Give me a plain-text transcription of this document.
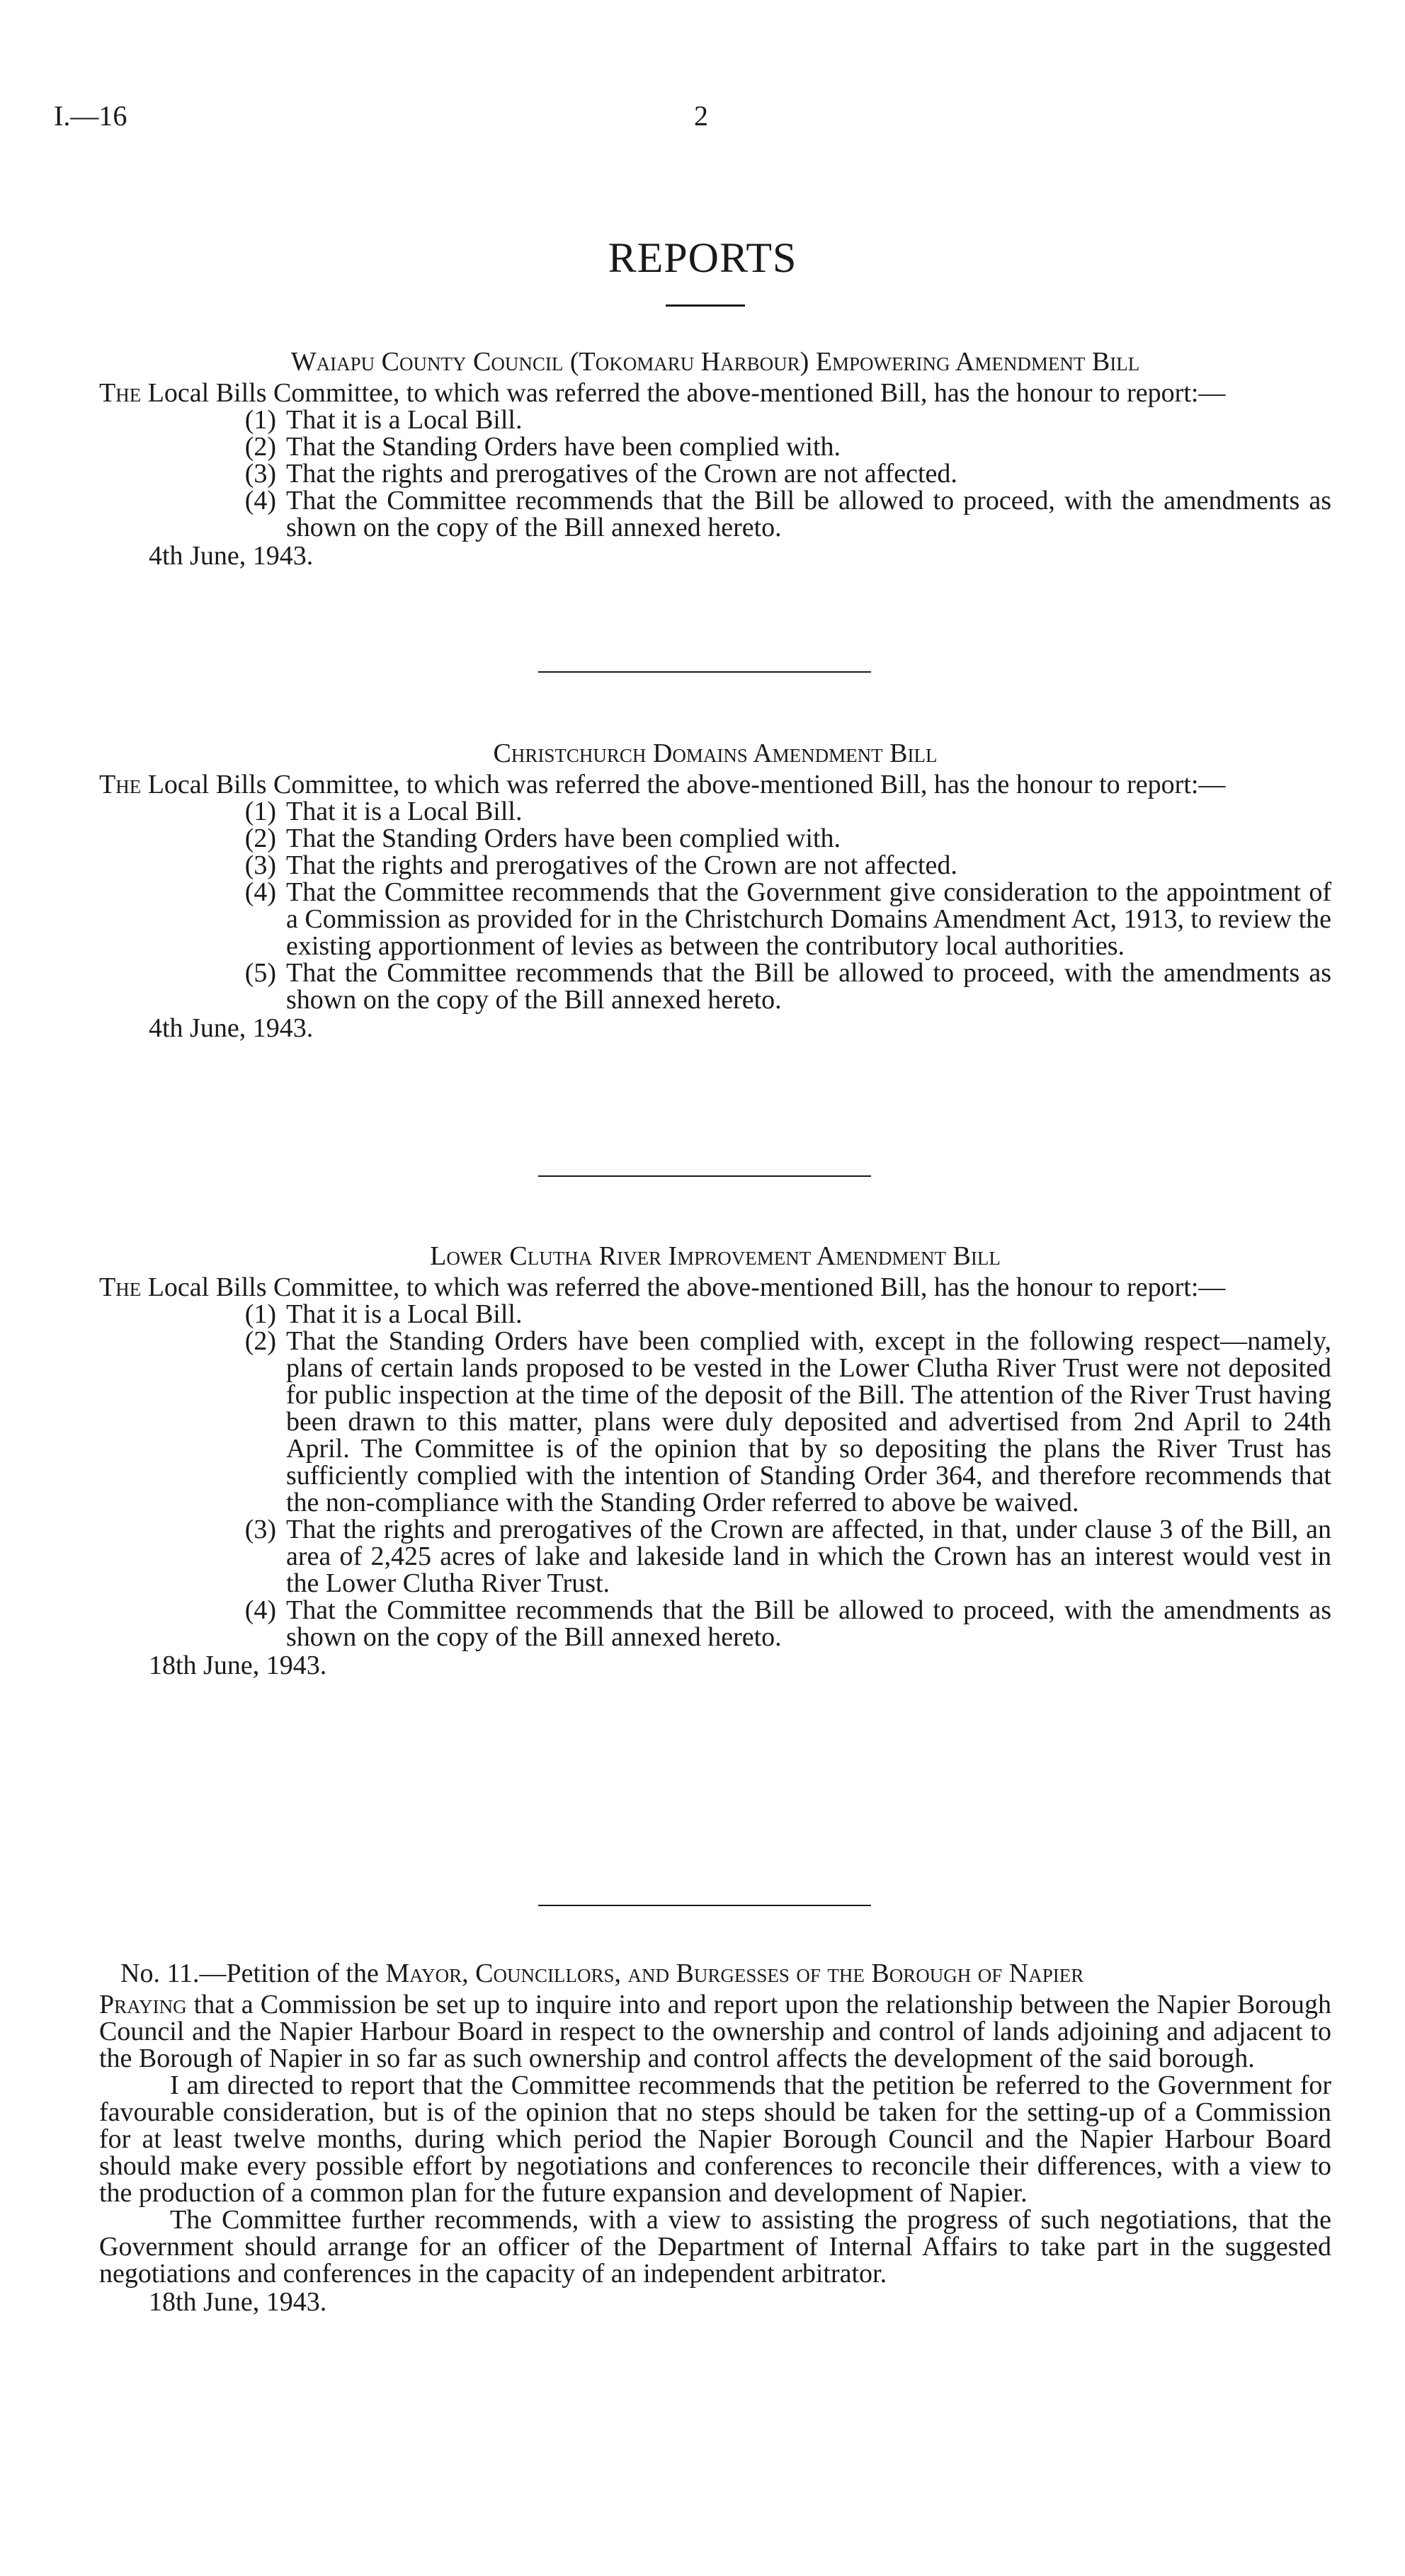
I.—16	2
REPORTS
Waiapu County Council (Tokomaru Harbour) Empowering Amendment Bill

The Local Bills Committee, to which was referred the above-mentioned Bill, has the honour to report:—

(1) That it is a Local Bill.
(2) That the Standing Orders have been complied with.
(3) That the rights and prerogatives of the Crown are not affected.
(4) That the Committee recommends that the Bill be allowed to proceed, with the amendments as shown on the copy of the Bill annexed hereto.
4th June, 1943.
Christchurch Domains Amendment Bill

The Local Bills Committee, to which was referred the above-mentioned Bill, has the honour to report:—

(1) That it is a Local Bill.
(2) That the Standing Orders have been complied with.
(3) That the rights and prerogatives of the Crown are not affected.
(4) That the Committee recommends that the Government give consideration to the appointment of a Commission as provided for in the Christchurch Domains Amendment Act, 1913, to review the existing apportionment of levies as between the contributory local authorities.
(5) That the Committee recommends that the Bill be allowed to proceed, with the amendments as shown on the copy of the Bill annexed hereto.
4th June, 1943.
Lower Clutha River Improvement Amendment Bill

The Local Bills Committee, to which was referred the above-mentioned Bill, has the honour to report:—

(1) That it is a Local Bill.
(2) That the Standing Orders have been complied with, except in the following respect—namely, plans of certain lands proposed to be vested in the Lower Clutha River Trust were not deposited for public inspection at the time of the deposit of the Bill. The attention of the River Trust having been drawn to this matter, plans were duly deposited and advertised from 2nd April to 24th April. The Committee is of the opinion that by so depositing the plans the River Trust has sufficiently complied with the intention of Standing Order 364, and therefore recommends that the non-compliance with the Standing Order referred to above be waived.
(3) That the rights and prerogatives of the Crown are affected, in that, under clause 3 of the Bill, an area of 2,425 acres of lake and lakeside land in which the Crown has an interest would vest in the Lower Clutha River Trust.
(4) That the Committee recommends that the Bill be allowed to proceed, with the amendments as shown on the copy of the Bill annexed hereto.
18th June, 1943.
No. 11.—Petition of the Mayor, Councillors, and Burgesses of the Borough of Napier

Praying that a Commission be set up to inquire into and report upon the relationship between the Napier Borough Council and the Napier Harbour Board in respect to the ownership and control of lands adjoining and adjacent to the Borough of Napier in so far as such ownership and control affects the development of the said borough.

I am directed to report that the Committee recommends that the petition be referred to the Government for favourable consideration, but is of the opinion that no steps should be taken for the setting-up of a Commission for at least twelve months, during which period the Napier Borough Council and the Napier Harbour Board should make every possible effort by negotiations and conferences to reconcile their differences, with a view to the production of a common plan for the future expansion and development of Napier.

The Committee further recommends, with a view to assisting the progress of such negotiations, that the Government should arrange for an officer of the Department of Internal Affairs to take part in the suggested negotiations and conferences in the capacity of an independent arbitrator.

18th June, 1943.
